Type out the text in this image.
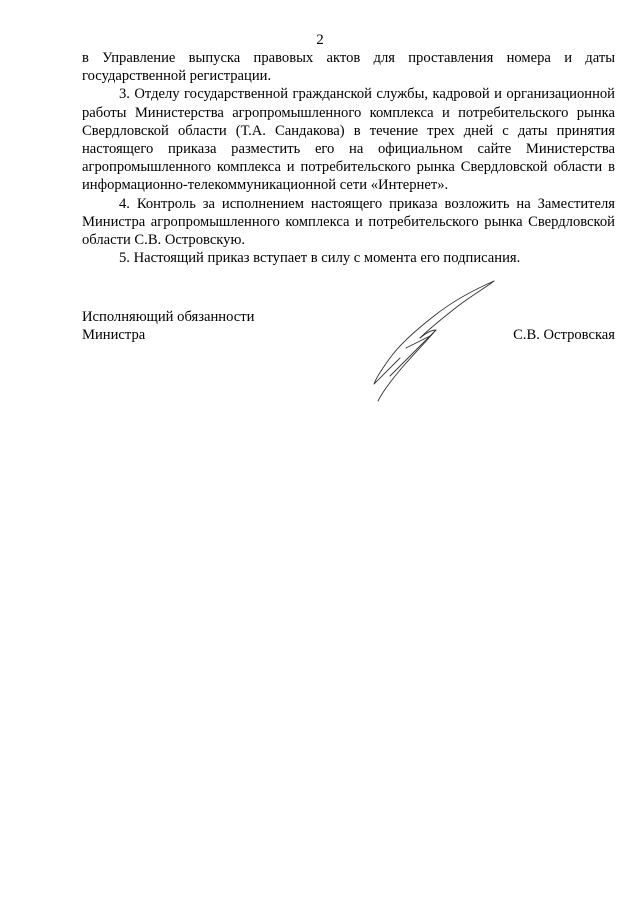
2

в Управление выпуска правовых актов для проставления номера и даты государственной регистрации.

3. Отделу государственной гражданской службы, кадровой и организационной работы Министерства агропромышленного комплекса и потребительского рынка Свердловской области (Т.А. Сандакова) в течение трех дней с даты принятия настоящего приказа разместить его на официальном сайте Министерства агропромышленного комплекса и потребительского рынка Свердловской области в информационно-телекоммуникационной сети «Интернет».

4. Контроль за исполнением настоящего приказа возложить на Заместителя Министра агропромышленного комплекса и потребительского рынка Свердловской области С.В. Островскую.

5. Настоящий приказ вступает в силу с момента его подписания.

Исполняющий обязанности
Министра	С.В. Островская
